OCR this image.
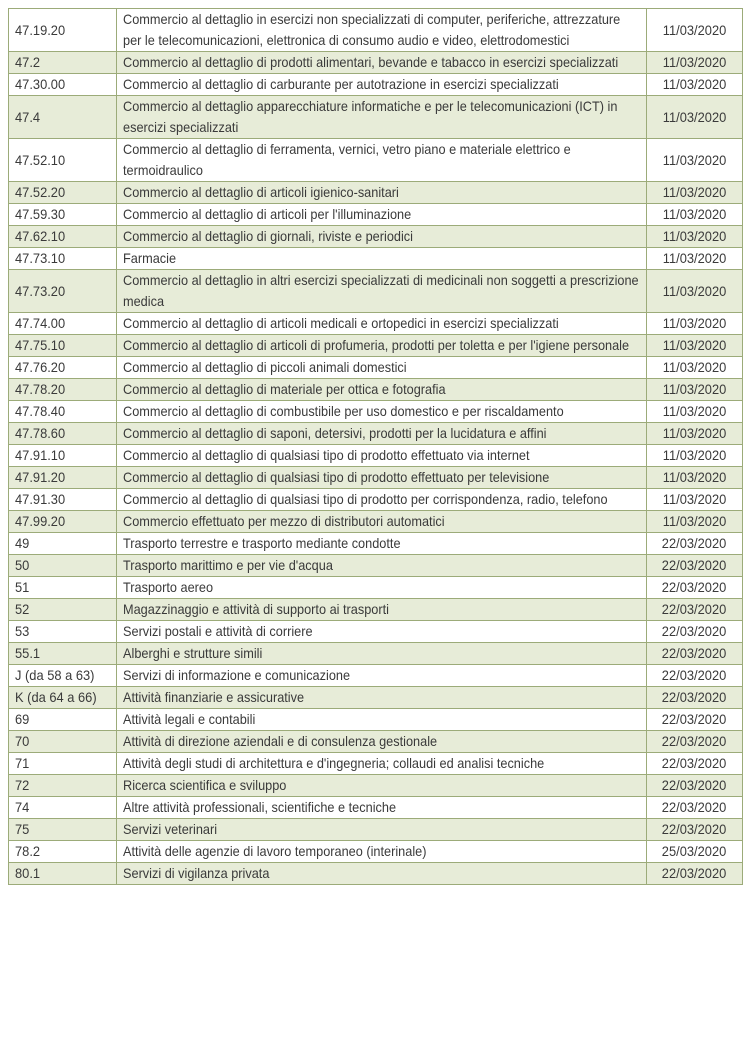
47.19.20	Commercio al dettaglio in esercizi non specializzati di computer, periferiche, attrezzature per le telecomunicazioni, elettronica di consumo audio e video, elettrodomestici	11/03/2020
47.2	Commercio al dettaglio di prodotti alimentari, bevande e tabacco in esercizi specializzati	11/03/2020
47.30.00	Commercio al dettaglio di carburante per autotrazione in esercizi specializzati	11/03/2020
47.4	Commercio al dettaglio apparecchiature informatiche e per le telecomunicazioni (ICT) in esercizi specializzati	11/03/2020
47.52.10	Commercio al dettaglio di ferramenta, vernici, vetro piano e materiale elettrico e termoidraulico	11/03/2020
47.52.20	Commercio al dettaglio di articoli igienico-sanitari	11/03/2020
47.59.30	Commercio al dettaglio di articoli per l'illuminazione	11/03/2020
47.62.10	Commercio al dettaglio di giornali, riviste e periodici	11/03/2020
47.73.10	Farmacie	11/03/2020
47.73.20	Commercio al dettaglio in altri esercizi specializzati di medicinali non soggetti a prescrizione medica	11/03/2020
47.74.00	Commercio al dettaglio di articoli medicali e ortopedici in esercizi specializzati	11/03/2020
47.75.10	Commercio al dettaglio di articoli di profumeria, prodotti per toletta e per l'igiene personale	11/03/2020
47.76.20	Commercio al dettaglio di piccoli animali domestici	11/03/2020
47.78.20	Commercio al dettaglio di materiale per ottica e fotografia	11/03/2020
47.78.40	Commercio al dettaglio di combustibile per uso domestico e per riscaldamento	11/03/2020
47.78.60	Commercio al dettaglio di saponi, detersivi, prodotti per la lucidatura e affini	11/03/2020
47.91.10	Commercio al dettaglio di qualsiasi tipo di prodotto effettuato via internet	11/03/2020
47.91.20	Commercio al dettaglio di qualsiasi tipo di prodotto effettuato per televisione	11/03/2020
47.91.30	Commercio al dettaglio di qualsiasi tipo di prodotto per corrispondenza, radio, telefono	11/03/2020
47.99.20	Commercio effettuato per mezzo di distributori automatici	11/03/2020
49	Trasporto terrestre e trasporto mediante condotte	22/03/2020
50	Trasporto marittimo e per vie d'acqua	22/03/2020
51	Trasporto aereo	22/03/2020
52	Magazzinaggio e attività di supporto ai trasporti	22/03/2020
53	Servizi postali e attività di corriere	22/03/2020
55.1	Alberghi e strutture simili	22/03/2020
J (da 58 a 63)	Servizi di informazione e comunicazione	22/03/2020
K (da 64 a 66)	Attività finanziarie e assicurative	22/03/2020
69	Attività legali e contabili	22/03/2020
70	Attività di direzione aziendali e di consulenza gestionale	22/03/2020
71	Attività degli studi di architettura e d'ingegneria; collaudi ed analisi tecniche	22/03/2020
72	Ricerca scientifica e sviluppo	22/03/2020
74	Altre attività professionali, scientifiche e tecniche	22/03/2020
75	Servizi veterinari	22/03/2020
78.2	Attività delle agenzie di lavoro temporaneo (interinale)	25/03/2020
80.1	Servizi di vigilanza privata	22/03/2020
